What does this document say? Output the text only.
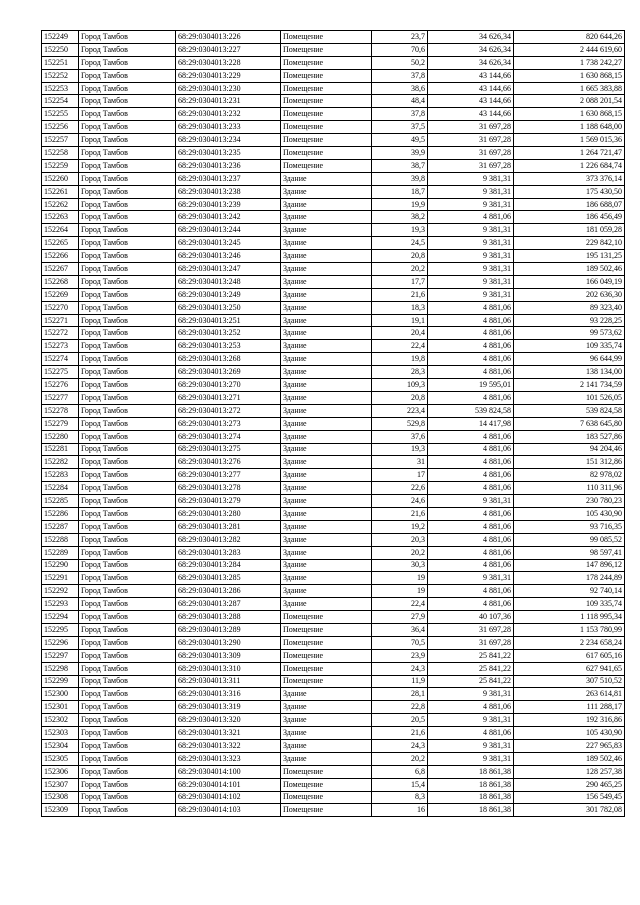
152249	Город Тамбов	68:29:0304013:226	Помещение	23,7	34 626,34	820 644,26
152250	Город Тамбов	68:29:0304013:227	Помещение	70,6	34 626,34	2 444 619,60
152251	Город Тамбов	68:29:0304013:228	Помещение	50,2	34 626,34	1 738 242,27
152252	Город Тамбов	68:29:0304013:229	Помещение	37,8	43 144,66	1 630 868,15
152253	Город Тамбов	68:29:0304013:230	Помещение	38,6	43 144,66	1 665 383,88
152254	Город Тамбов	68:29:0304013:231	Помещение	48,4	43 144,66	2 088 201,54
152255	Город Тамбов	68:29:0304013:232	Помещение	37,8	43 144,66	1 630 868,15
152256	Город Тамбов	68:29:0304013:233	Помещение	37,5	31 697,28	1 188 648,00
152257	Город Тамбов	68:29:0304013:234	Помещение	49,5	31 697,28	1 569 015,36
152258	Город Тамбов	68:29:0304013:235	Помещение	39,9	31 697,28	1 264 721,47
152259	Город Тамбов	68:29:0304013:236	Помещение	38,7	31 697,28	1 226 684,74
152260	Город Тамбов	68:29:0304013:237	Здание	39,8	9 381,31	373 376,14
152261	Город Тамбов	68:29:0304013:238	Здание	18,7	9 381,31	175 430,50
152262	Город Тамбов	68:29:0304013:239	Здание	19,9	9 381,31	186 688,07
152263	Город Тамбов	68:29:0304013:242	Здание	38,2	4 881,06	186 456,49
152264	Город Тамбов	68:29:0304013:244	Здание	19,3	9 381,31	181 059,28
152265	Город Тамбов	68:29:0304013:245	Здание	24,5	9 381,31	229 842,10
152266	Город Тамбов	68:29:0304013:246	Здание	20,8	9 381,31	195 131,25
152267	Город Тамбов	68:29:0304013:247	Здание	20,2	9 381,31	189 502,46
152268	Город Тамбов	68:29:0304013:248	Здание	17,7	9 381,31	166 049,19
152269	Город Тамбов	68:29:0304013:249	Здание	21,6	9 381,31	202 636,30
152270	Город Тамбов	68:29:0304013:250	Здание	18,3	4 881,06	89 323,40
152271	Город Тамбов	68:29:0304013:251	Здание	19,1	4 881,06	93 228,25
152272	Город Тамбов	68:29:0304013:252	Здание	20,4	4 881,06	99 573,62
152273	Город Тамбов	68:29:0304013:253	Здание	22,4	4 881,06	109 335,74
152274	Город Тамбов	68:29:0304013:268	Здание	19,8	4 881,06	96 644,99
152275	Город Тамбов	68:29:0304013:269	Здание	28,3	4 881,06	138 134,00
152276	Город Тамбов	68:29:0304013:270	Здание	109,3	19 595,01	2 141 734,59
152277	Город Тамбов	68:29:0304013:271	Здание	20,8	4 881,06	101 526,05
152278	Город Тамбов	68:29:0304013:272	Здание	223,4	539 824,58	539 824,58
152279	Город Тамбов	68:29:0304013:273	Здание	529,8	14 417,98	7 638 645,80
152280	Город Тамбов	68:29:0304013:274	Здание	37,6	4 881,06	183 527,86
152281	Город Тамбов	68:29:0304013:275	Здание	19,3	4 881,06	94 204,46
152282	Город Тамбов	68:29:0304013:276	Здание	31	4 881,06	151 312,86
152283	Город Тамбов	68:29:0304013:277	Здание	17	4 881,06	82 978,02
152284	Город Тамбов	68:29:0304013:278	Здание	22,6	4 881,06	110 311,96
152285	Город Тамбов	68:29:0304013:279	Здание	24,6	9 381,31	230 780,23
152286	Город Тамбов	68:29:0304013:280	Здание	21,6	4 881,06	105 430,90
152287	Город Тамбов	68:29:0304013:281	Здание	19,2	4 881,06	93 716,35
152288	Город Тамбов	68:29:0304013:282	Здание	20,3	4 881,06	99 085,52
152289	Город Тамбов	68:29:0304013:283	Здание	20,2	4 881,06	98 597,41
152290	Город Тамбов	68:29:0304013:284	Здание	30,3	4 881,06	147 896,12
152291	Город Тамбов	68:29:0304013:285	Здание	19	9 381,31	178 244,89
152292	Город Тамбов	68:29:0304013:286	Здание	19	4 881,06	92 740,14
152293	Город Тамбов	68:29:0304013:287	Здание	22,4	4 881,06	109 335,74
152294	Город Тамбов	68:29:0304013:288	Помещение	27,9	40 107,36	1 118 995,34
152295	Город Тамбов	68:29:0304013:289	Помещение	36,4	31 697,28	1 153 780,99
152296	Город Тамбов	68:29:0304013:290	Помещение	70,5	31 697,28	2 234 658,24
152297	Город Тамбов	68:29:0304013:309	Помещение	23,9	25 841,22	617 605,16
152298	Город Тамбов	68:29:0304013:310	Помещение	24,3	25 841,22	627 941,65
152299	Город Тамбов	68:29:0304013:311	Помещение	11,9	25 841,22	307 510,52
152300	Город Тамбов	68:29:0304013:316	Здание	28,1	9 381,31	263 614,81
152301	Город Тамбов	68:29:0304013:319	Здание	22,8	4 881,06	111 288,17
152302	Город Тамбов	68:29:0304013:320	Здание	20,5	9 381,31	192 316,86
152303	Город Тамбов	68:29:0304013:321	Здание	21,6	4 881,06	105 430,90
152304	Город Тамбов	68:29:0304013:322	Здание	24,3	9 381,31	227 965,83
152305	Город Тамбов	68:29:0304013:323	Здание	20,2	9 381,31	189 502,46
152306	Город Тамбов	68:29:0304014:100	Помещение	6,8	18 861,38	128 257,38
152307	Город Тамбов	68:29:0304014:101	Помещение	15,4	18 861,38	290 465,25
152308	Город Тамбов	68:29:0304014:102	Помещение	8,3	18 861,38	156 549,45
152309	Город Тамбов	68:29:0304014:103	Помещение	16	18 861,38	301 782,08
